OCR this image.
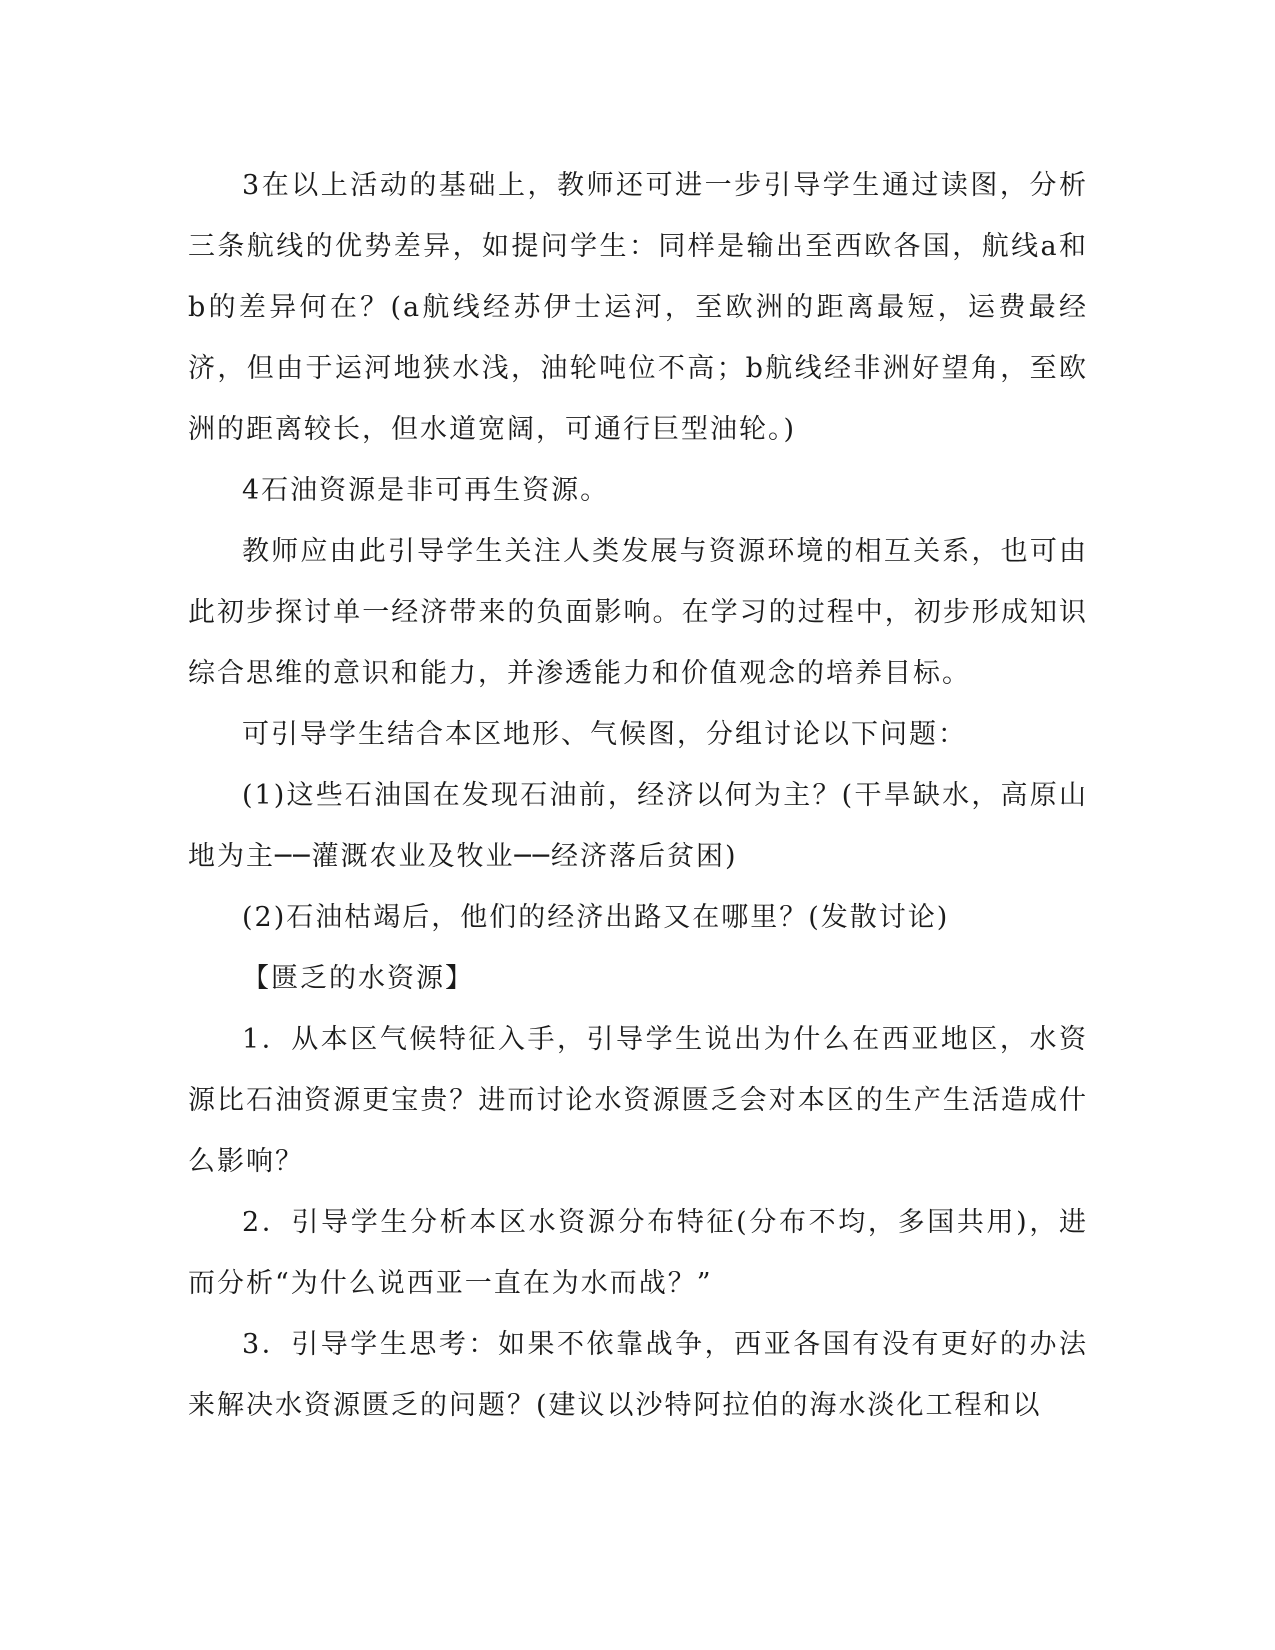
3在以上活动的基础上，教师还可进一步引导学生通过读图，分析三条航线的优势差异，如提问学生：同样是输出至西欧各国，航线a和b的差异何在？(a航线经苏伊士运河，至欧洲的距离最短，运费最经济，但由于运河地狭水浅，油轮吨位不高；b航线经非洲好望角，至欧洲的距离较长，但水道宽阔，可通行巨型油轮。)

4石油资源是非可再生资源。

教师应由此引导学生关注人类发展与资源环境的相互关系，也可由此初步探讨单一经济带来的负面影响。在学习的过程中，初步形成知识综合思维的意识和能力，并渗透能力和价值观念的培养目标。

可引导学生结合本区地形、气候图，分组讨论以下问题：

(1)这些石油国在发现石油前，经济以何为主？(干旱缺水，高原山地为主──灌溉农业及牧业──经济落后贫困)

(2)石油枯竭后，他们的经济出路又在哪里？(发散讨论)

【匮乏的水资源】

1．从本区气候特征入手，引导学生说出为什么在西亚地区，水资源比石油资源更宝贵？进而讨论水资源匮乏会对本区的生产生活造成什么影响？

2．引导学生分析本区水资源分布特征(分布不均，多国共用)，进而分析“为什么说西亚一直在为水而战？”

3．引导学生思考：如果不依靠战争，西亚各国有没有更好的办法来解决水资源匮乏的问题？(建议以沙特阿拉伯的海水淡化工程和以
